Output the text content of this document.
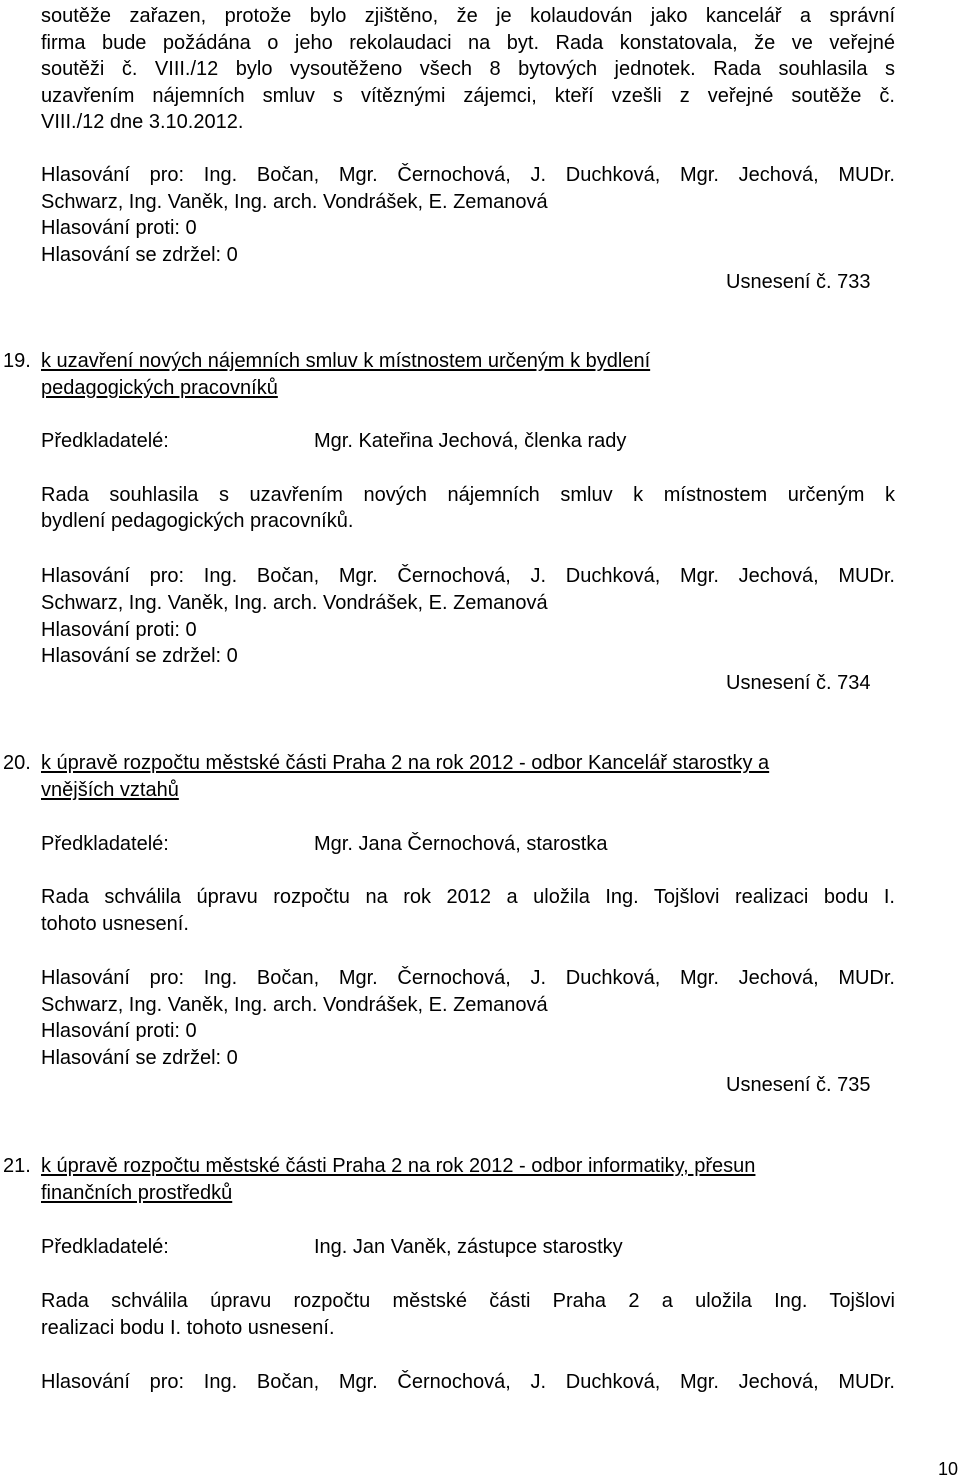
soutěže zařazen, protože bylo zjištěno, že je kolaudován jako kancelář a správní
firma bude požádána o jeho rekolaudaci na byt. Rada konstatovala, že ve veřejné
soutěži č. VIII./12 bylo vysoutěženo všech 8 bytových jednotek. Rada souhlasila s
uzavřením nájemních smluv s vítěznými zájemci, kteří vzešli z veřejné soutěže č.
VIII./12 dne 3.10.2012.
Hlasování pro: Ing. Bočan, Mgr. Černochová, J. Duchková, Mgr. Jechová, MUDr.
Schwarz, Ing. Vaněk, Ing. arch. Vondrášek, E. Zemanová
Hlasování proti: 0
Hlasování se zdržel: 0
Usnesení č. 733
19. k uzavření nových nájemních smluv k místnostem určeným k bydlení
pedagogických pracovníků
Předkladatelé:	Mgr. Kateřina Jechová, členka rady
Rada souhlasila s uzavřením nových nájemních smluv k místnostem určeným k
bydlení pedagogických pracovníků.
Hlasování pro: Ing. Bočan, Mgr. Černochová, J. Duchková, Mgr. Jechová, MUDr.
Schwarz, Ing. Vaněk, Ing. arch. Vondrášek, E. Zemanová
Hlasování proti: 0
Hlasování se zdržel: 0
Usnesení č. 734
20. k úpravě rozpočtu městské části Praha 2 na rok 2012 - odbor Kancelář starostky a
vnějších vztahů
Předkladatelé:	Mgr. Jana Černochová, starostka
Rada schválila úpravu rozpočtu na rok 2012 a uložila Ing. Tojšlovi realizaci bodu I.
tohoto usnesení.
Hlasování pro: Ing. Bočan, Mgr. Černochová, J. Duchková, Mgr. Jechová, MUDr.
Schwarz, Ing. Vaněk, Ing. arch. Vondrášek, E. Zemanová
Hlasování proti: 0
Hlasování se zdržel: 0
Usnesení č. 735
21. k úpravě rozpočtu městské části Praha 2 na rok 2012 - odbor informatiky, přesun
finančních prostředků
Předkladatelé:	Ing. Jan Vaněk, zástupce starostky
Rada schválila úpravu rozpočtu městské části Praha 2 a uložila Ing. Tojšlovi
realizaci bodu I. tohoto usnesení.
Hlasování pro: Ing. Bočan, Mgr. Černochová, J. Duchková, Mgr. Jechová, MUDr.
10
